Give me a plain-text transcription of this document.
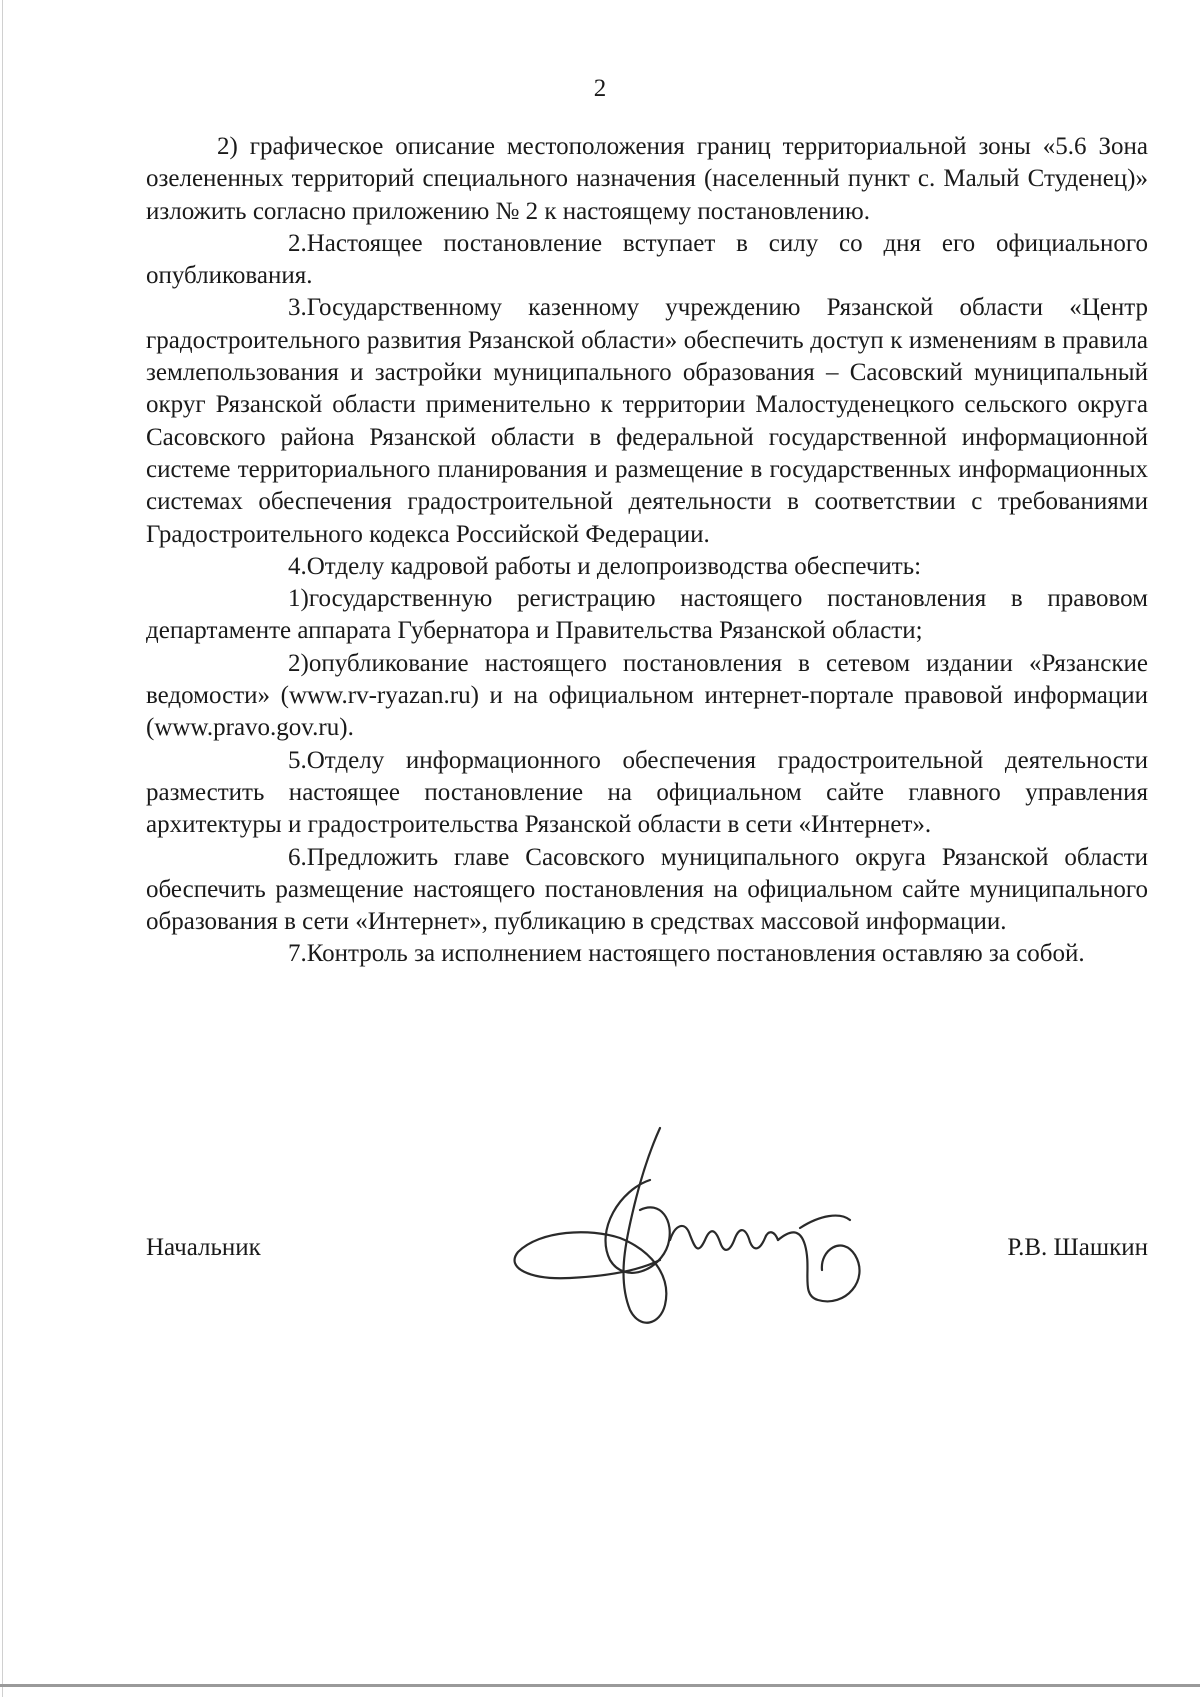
2

2) графическое описание местоположения границ территориальной зоны «5.6 Зона озелененных территорий специального назначения (населенный пункт с. Малый Студенец)» изложить согласно приложению № 2 к настоящему постановлению.

2.Настоящее постановление вступает в силу со дня его официального опубликования.

3.Государственному казенному учреждению Рязанской области «Центр градостроительного развития Рязанской области» обеспечить доступ к изменениям в правила землепользования и застройки муниципального образования – Сасовский муниципальный округ Рязанской области применительно к территории Малостуденецкого сельского округа Сасовского района Рязанской области в федеральной государственной информационной системе территориального планирования и размещение в государственных информационных системах обеспечения градостроительной деятельности в соответствии с требованиями Градостроительного кодекса Российской Федерации.

4.Отделу кадровой работы и делопроизводства обеспечить:

1)государственную регистрацию настоящего постановления в правовом департаменте аппарата Губернатора и Правительства Рязанской области;

2)опубликование настоящего постановления в сетевом издании «Рязанские ведомости» (www.rv-ryazan.ru) и на официальном интернет-портале правовой информации (www.pravo.gov.ru).

5.Отделу информационного обеспечения градостроительной деятельности разместить настоящее постановление на официальном сайте главного управления архитектуры и градостроительства Рязанской области в сети «Интернет».

6.Предложить главе Сасовского муниципального округа Рязанской области обеспечить размещение настоящего постановления на официальном сайте муниципального образования в сети «Интернет», публикацию в средствах массовой информации.

7.Контроль за исполнением настоящего постановления оставляю за собой.

Начальник	Р.В. Шашкин
